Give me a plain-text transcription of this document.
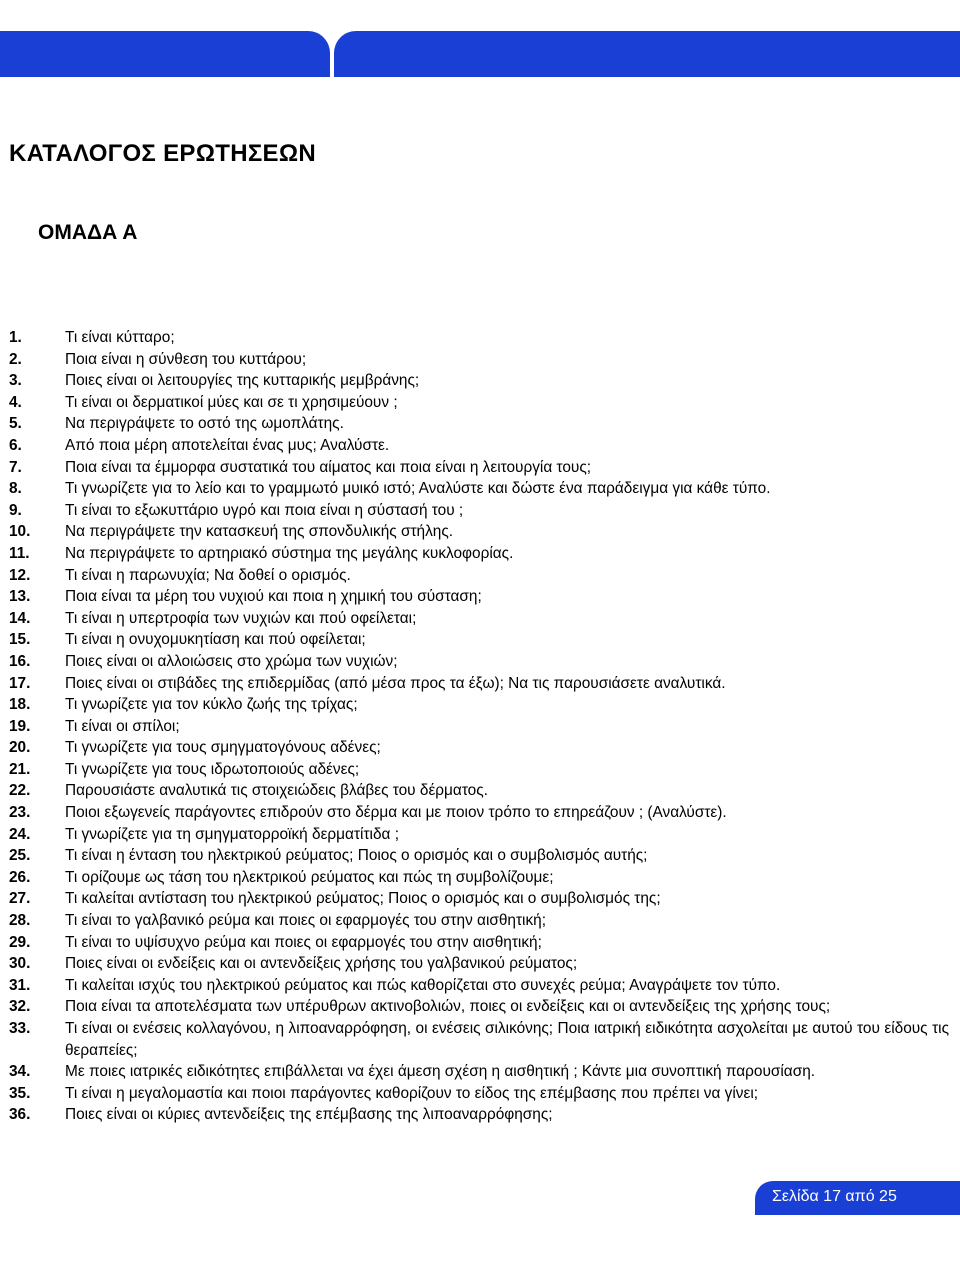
Ε.Ο.Π.Π.Ε.Π.	ΕΙΔΙΚΟΣ ΕΦΑΡΜΟΓΩΝ ΑΙΣΘΗΤΙΚΗΣ
ΚΑΤΑΛΟΓΟΣ ΕΡΩΤΗΣΕΩΝ
ΟΜΑΔΑ Α
1.	Τι είναι κύτταρο;
2.	Ποια είναι η σύνθεση του κυττάρου;
3.	Ποιες είναι οι λειτουργίες της κυτταρικής μεμβράνης;
4.	Τι είναι οι δερματικοί μύες και σε τι χρησιμεύουν ;
5.	Να περιγράψετε το οστό της ωμοπλάτης.
6.	Από ποια μέρη αποτελείται ένας μυς; Αναλύστε.
7.	Ποια είναι τα έμμορφα συστατικά του αίματος και ποια είναι η λειτουργία τους;
8.	Τι γνωρίζετε για το λείο και το γραμμωτό μυικό ιστό; Αναλύστε και δώστε ένα παράδειγμα για κάθε τύπο.
9.	Τι είναι το εξωκυττάριο υγρό και ποια είναι η σύστασή του ;
10.	Να περιγράψετε την κατασκευή της σπονδυλικής στήλης.
11.	Να περιγράψετε το αρτηριακό σύστημα της μεγάλης κυκλοφορίας.
12.	Τι είναι η παρωνυχία; Να δοθεί ο ορισμός.
13.	Ποια είναι τα μέρη του νυχιού και ποια η χημική του σύσταση;
14.	Τι είναι η υπερτροφία των νυχιών και πού οφείλεται;
15.	Τι είναι η ονυχομυκητίαση και πού οφείλεται;
16.	Ποιες είναι οι αλλοιώσεις στο χρώμα των νυχιών;
17.	Ποιες είναι οι στιβάδες της επιδερμίδας (από μέσα προς τα έξω); Να τις παρουσιάσετε αναλυτικά.
18.	Τι γνωρίζετε για τον κύκλο ζωής της τρίχας;
19.	Τι είναι οι σπίλοι;
20.	Τι γνωρίζετε για τους σμηγματογόνους αδένες;
21.	Τι γνωρίζετε για τους ιδρωτοποιούς αδένες;
22.	Παρουσιάστε αναλυτικά τις στοιχειώδεις βλάβες του δέρματος.
23.	Ποιοι εξωγενείς παράγοντες επιδρούν στο δέρμα και με ποιον τρόπο το επηρεάζουν ; (Αναλύστε).
24.	Τι γνωρίζετε για τη σμηγματορροϊκή δερματίτιδα ;
25.	Τι είναι η ένταση του ηλεκτρικού ρεύματος; Ποιος ο ορισμός και ο συμβολισμός αυτής;
26.	Τι ορίζουμε ως τάση του ηλεκτρικού ρεύματος και πώς τη συμβολίζουμε;
27.	Τι καλείται αντίσταση του ηλεκτρικού ρεύματος; Ποιος ο ορισμός και ο συμβολισμός της;
28.	Τι είναι το γαλβανικό ρεύμα και ποιες οι εφαρμογές του στην αισθητική;
29.	Τι είναι το υψίσυχνο ρεύμα και ποιες οι εφαρμογές του στην αισθητική;
30.	Ποιες είναι οι ενδείξεις και οι αντενδείξεις χρήσης του γαλβανικού ρεύματος;
31.	Τι καλείται ισχύς του ηλεκτρικού ρεύματος και πώς καθορίζεται στο συνεχές ρεύμα; Αναγράψετε τον τύπο.
32.	Ποια είναι τα αποτελέσματα των υπέρυθρων ακτινοβολιών, ποιες οι ενδείξεις και οι αντενδείξεις της χρήσης τους;
33.	Τι είναι οι ενέσεις κολλαγόνου, η λιποαναρρόφηση, οι ενέσεις σιλικόνης; Ποια ιατρική ειδικότητα ασχολείται με αυτού του είδους τις θεραπείες;
34.	Με ποιες ιατρικές ειδικότητες επιβάλλεται να έχει άμεση σχέση η αισθητική ; Κάντε μια συνοπτική παρουσίαση.
35.	Τι είναι η μεγαλομαστία και ποιοι παράγοντες καθορίζουν το είδος της επέμβασης που πρέπει να γίνει;
36.	Ποιες είναι οι κύριες αντενδείξεις της επέμβασης της λιποαναρρόφησης;
Σελίδα 17 από 25
